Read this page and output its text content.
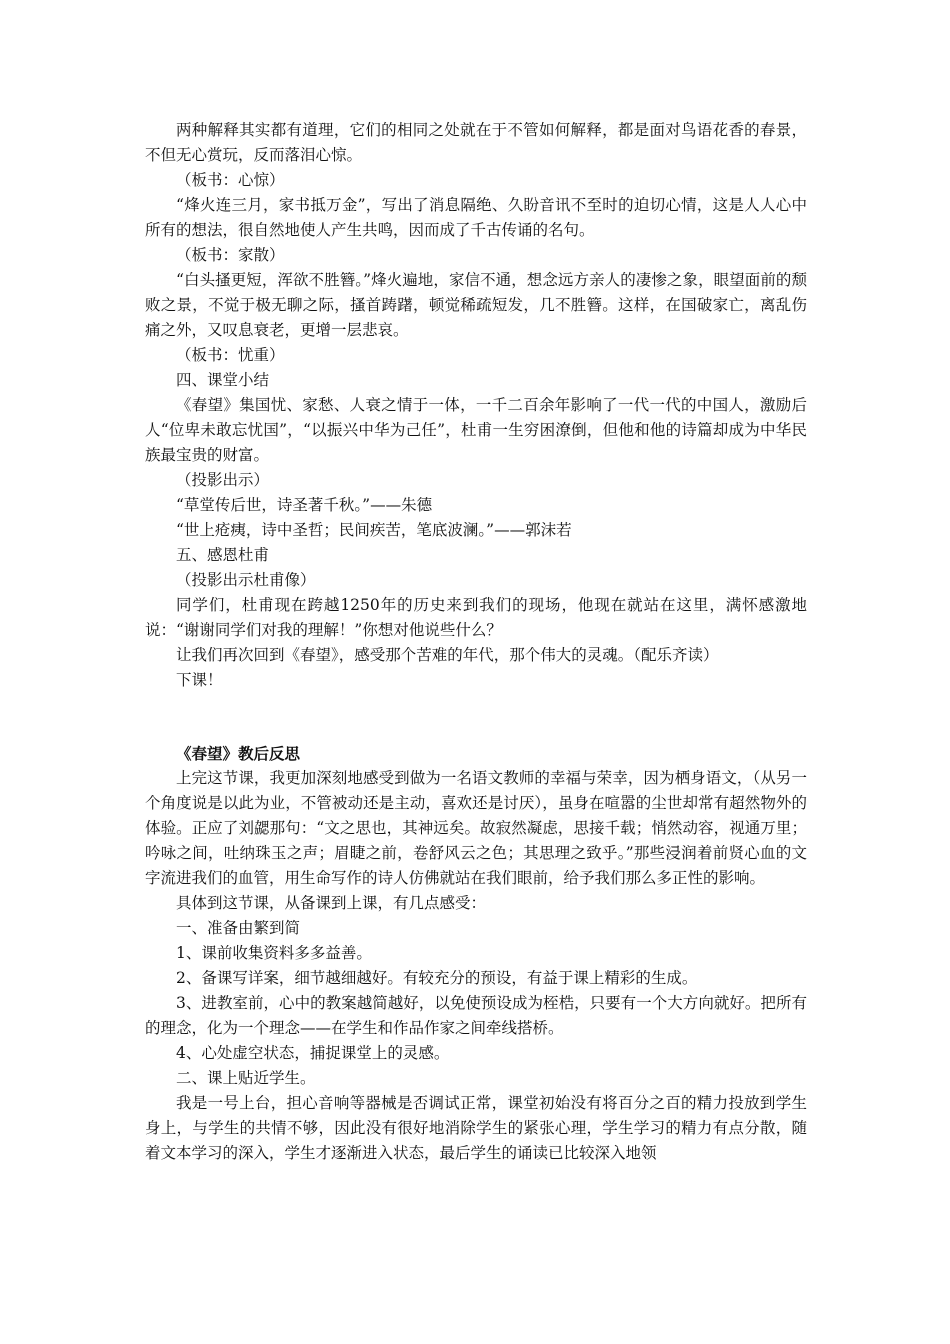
两种解释其实都有道理，它们的相同之处就在于不管如何解释，都是面对鸟语花香的春景，不但无心赏玩，反而落泪心惊。

（板书：心惊）

“烽火连三月，家书抵万金”，写出了消息隔绝、久盼音讯不至时的迫切心情，这是人人心中所有的想法，很自然地使人产生共鸣，因而成了千古传诵的名句。

（板书：家散）

“白头搔更短，浑欲不胜簪。”烽火遍地，家信不通，想念远方亲人的凄惨之象，眼望面前的颓败之景，不觉于极无聊之际，搔首踌躇，顿觉稀疏短发，几不胜簪。这样，在国破家亡，离乱伤痛之外，又叹息衰老，更增一层悲哀。

（板书：忧重）

四、课堂小结

《春望》集国忧、家愁、人衰之情于一体，一千二百余年影响了一代一代的中国人，激励后人“位卑未敢忘忧国”，“以振兴中华为己任”，杜甫一生穷困潦倒，但他和他的诗篇却成为中华民族最宝贵的财富。

（投影出示）

“草堂传后世，诗圣著千秋。”——朱德

“世上疮痍，诗中圣哲；民间疾苦，笔底波澜。”——郭沫若

五、感恩杜甫

（投影出示杜甫像）

同学们，杜甫现在跨越1250年的历史来到我们的现场，他现在就站在这里，满怀感激地说：“谢谢同学们对我的理解！”你想对他说些什么？

让我们再次回到《春望》，感受那个苦难的年代，那个伟大的灵魂。（配乐齐读）

下课！

《春望》教后反思

上完这节课，我更加深刻地感受到做为一名语文教师的幸福与荣幸，因为栖身语文，（从另一个角度说是以此为业，不管被动还是主动，喜欢还是讨厌），虽身在喧嚣的尘世却常有超然物外的体验。正应了刘勰那句：“文之思也，其神远矣。故寂然凝虑，思接千载；悄然动容，视通万里；吟咏之间，吐纳珠玉之声；眉睫之前，卷舒风云之色；其思理之致乎。”那些浸润着前贤心血的文字流进我们的血管，用生命写作的诗人仿佛就站在我们眼前，给予我们那么多正性的影响。

具体到这节课，从备课到上课，有几点感受：

一、准备由繁到简

1、课前收集资料多多益善。

2、备课写详案，细节越细越好。有较充分的预设，有益于课上精彩的生成。

3、进教室前，心中的教案越简越好，以免使预设成为桎梏，只要有一个大方向就好。把所有的理念，化为一个理念——在学生和作品作家之间牵线搭桥。

4、心处虚空状态，捕捉课堂上的灵感。

二、课上贴近学生。

我是一号上台，担心音响等器械是否调试正常，课堂初始没有将百分之百的精力投放到学生身上，与学生的共情不够，因此没有很好地消除学生的紧张心理，学生学习的精力有点分散，随着文本学习的深入，学生才逐渐进入状态，最后学生的诵读已比较深入地领
